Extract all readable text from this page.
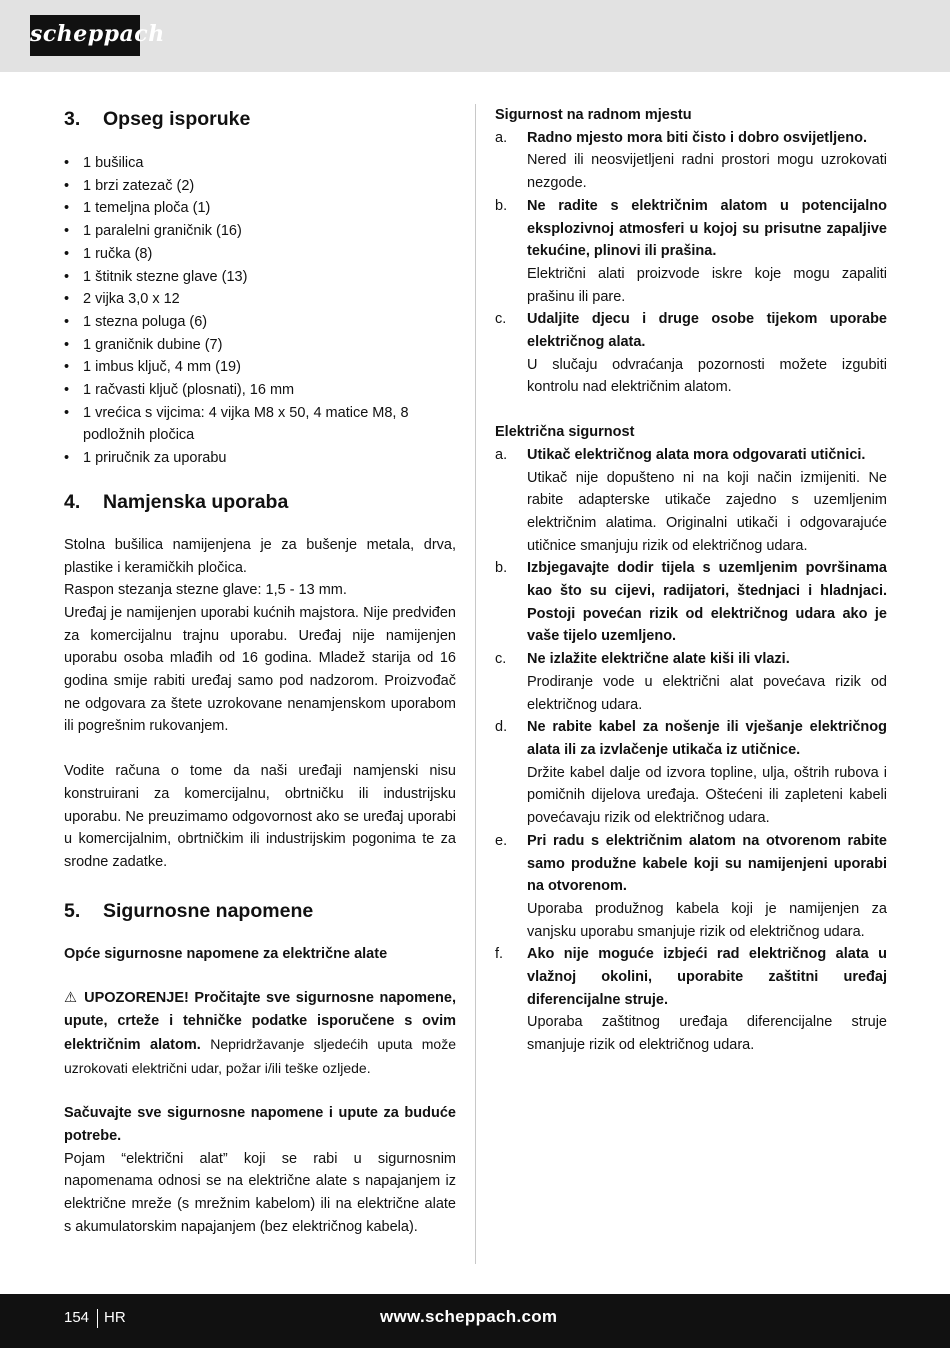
scheppach
3.	Opseg isporuke
• 1 bušilica
• 1 brzi zatezač (2)
• 1 temeljna ploča (1)
• 1 paralelni graničnik (16)
• 1 ručka (8)
• 1 štitnik stezne glave (13)
• 2 vijka 3,0 x 12
• 1 stezna poluga (6)
• 1 graničnik dubine (7)
• 1 imbus ključ, 4 mm (19)
• 1 račvasti ključ (plosnati), 16 mm
• 1 vrećica s vijcima: 4 vijka M8 x 50, 4 matice M8, 8 podložnih pločica
• 1 priručnik za uporabu
4.	Namjenska uporaba

Stolna bušilica namijenjena je za bušenje metala, drva, plastike i keramičkih pločica.

Raspon stezanja stezne glave: 1,5 - 13 mm.

Uređaj je namijenjen uporabi kućnih majstora. Nije predviđen za komercijalnu trajnu uporabu. Uređaj nije namijenjen uporabu osoba mlađih od 16 godina. Mladež starija od 16 godina smije rabiti uređaj samo pod nadzorom. Proizvođač ne odgovara za štete uzrokovane nenamjenskom uporabom ili pogrešnim rukovanjem.

Vodite računa o tome da naši uređaji namjenski nisu konstruirani za komercijalnu, obrtničku ili industrijsku uporabu. Ne preuzimamo odgovornost ako se uređaj uporabi u komercijalnim, obrtničkim ili industrijskim pogonima te za srodne zadatke.

5.	Sigurnosne napomene

Opće sigurnosne napomene za električne alate

⚠ UPOZORENJE! Pročitajte sve sigurnosne napomene, upute, crteže i tehničke podatke isporučene s ovim električnim alatom. Nepridržavanje sljedećih uputa može uzrokovati električni udar, požar i/ili teške ozljede.

Sačuvajte sve sigurnosne napomene i upute za buduće potrebe.

Pojam “električni alat” koji se rabi u sigurnosnim napomenama odnosi se na električne alate s napajanjem iz električne mreže (s mrežnim kabelom) ili na električne alate s akumulatorskim napajanjem (bez električnog kabela).

Sigurnost na radnom mjestu

a.	Radno mjesto mora biti čisto i dobro osvijetljeno.
Nered ili neosvijetljeni radni prostori mogu uzrokovati nezgode.
b.	Ne radite s električnim alatom u potencijalno eksplozivnoj atmosferi u kojoj su prisutne zapaljive tekućine, plinovi ili prašina.
Električni alati proizvode iskre koje mogu zapaliti prašinu ili pare.
c.	Udaljite djecu i druge osobe tijekom uporabe električnog alata.
U slučaju odvraćanja pozornosti možete izgubiti kontrolu nad električnim alatom.

Električna sigurnost

a.	Utikač električnog alata mora odgovarati utičnici.
Utikač nije dopušteno ni na koji način izmijeniti. Ne rabite adapterske utikače zajedno s uzemljenim električnim alatima. Originalni utikači i odgovarajuće utičnice smanjuju rizik od električnog udara.
b.	Izbjegavajte dodir tijela s uzemljenim površinama kao što su cijevi, radijatori, štednjaci i hladnjaci. Postoji povećan rizik od električnog udara ako je vaše tijelo uzemljeno.
c.	Ne izlažite električne alate kiši ili vlazi.
Prodiranje vode u električni alat povećava rizik od električnog udara.
d.	Ne rabite kabel za nošenje ili vješanje električnog alata ili za izvlačenje utikača iz utičnice.
Držite kabel dalje od izvora topline, ulja, oštrih rubova i pomičnih dijelova uređaja. Oštećeni ili zapleteni kabeli povećavaju rizik od električnog udara.
e.	Pri radu s električnim alatom na otvorenom rabite samo produžne kabele koji su namijenjeni uporabi na otvorenom.
Uporaba produžnog kabela koji je namijenjen za vanjsku uporabu smanjuje rizik od električnog udara.
f.	Ako nije moguće izbjeći rad električnog alata u vlažnoj okolini, uporabite zaštitni uređaj diferencijalne struje.
Uporaba zaštitnog uređaja diferencijalne struje smanjuje rizik od električnog udara.
154 HR	www.scheppach.com
